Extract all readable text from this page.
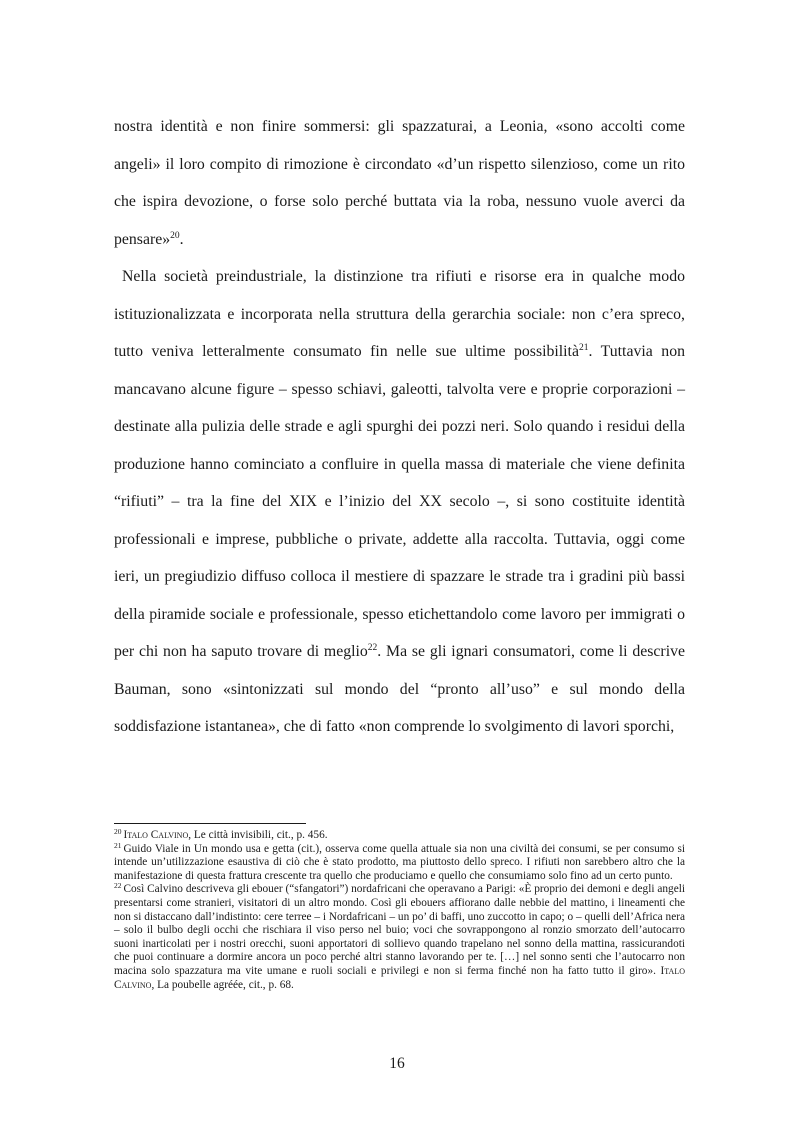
nostra identità e non finire sommersi: gli spazzaturai, a Leonia, «sono accolti come angeli» il loro compito di rimozione è circondato «d’un rispetto silenzioso, come un rito che ispira devozione, o forse solo perché buttata via la roba, nessuno vuole averci da pensare»$^{20}$.

Nella società preindustriale, la distinzione tra rifiuti e risorse era in qualche modo istituzionalizzata e incorporata nella struttura della gerarchia sociale: non c’era spreco, tutto veniva letteralmente consumato fin nelle sue ultime possibilità$^{21}$. Tuttavia non mancavano alcune figure – spesso schiavi, galeotti, talvolta vere e proprie corporazioni – destinate alla pulizia delle strade e agli spurghi dei pozzi neri. Solo quando i residui della produzione hanno cominciato a confluire in quella massa di materiale che viene definita “rifiuti” – tra la fine del XIX e l’inizio del XX secolo –, si sono costituite identità professionali e imprese, pubbliche o private, addette alla raccolta. Tuttavia, oggi come ieri, un pregiudizio diffuso colloca il mestiere di spazzare le strade tra i gradini più bassi della piramide sociale e professionale, spesso etichettandolo come lavoro per immigrati o per chi non ha saputo trovare di meglio$^{22}$. Ma se gli ignari consumatori, come li descrive Bauman, sono «sintonizzati sul mondo del “pronto all’uso” e sul mondo della soddisfazione istantanea», che di fatto «non comprende lo svolgimento di lavori sporchi,

$^{20}$ Italo Calvino, Le città invisibili, cit., p. 456.

$^{21}$ Guido Viale in Un mondo usa e getta (cit.), osserva come quella attuale sia non una civiltà dei consumi, se per consumo si intende un’utilizzazione esaustiva di ciò che è stato prodotto, ma piuttosto dello spreco. I rifiuti non sarebbero altro che la manifestazione di questa frattura crescente tra quello che produciamo e quello che consumiamo solo fino ad un certo punto.

$^{22}$ Così Calvino descriveva gli ebouer (“sfangatori”) nordafricani che operavano a Parigi: «È proprio dei demoni e degli angeli presentarsi come stranieri, visitatori di un altro mondo. Così gli ebouers affiorano dalle nebbie del mattino, i lineamenti che non si distaccano dall’indistinto: cere terree – i Nordafricani – un po’ di baffi, uno zuccotto in capo; o – quelli dell’Africa nera – solo il bulbo degli occhi che rischiara il viso perso nel buio; voci che sovrappongono al ronzio smorzato dell’autocarro suoni inarticolati per i nostri orecchi, suoni apportatori di sollievo quando trapelano nel sonno della mattina, rassicurandoti che puoi continuare a dormire ancora un poco perché altri stanno lavorando per te. […] nel sonno senti che l’autocarro non macina solo spazzatura ma vite umane e ruoli sociali e privilegi e non si ferma finché non ha fatto tutto il giro». Italo Calvino, La poubelle agréée, cit., p. 68.

16
